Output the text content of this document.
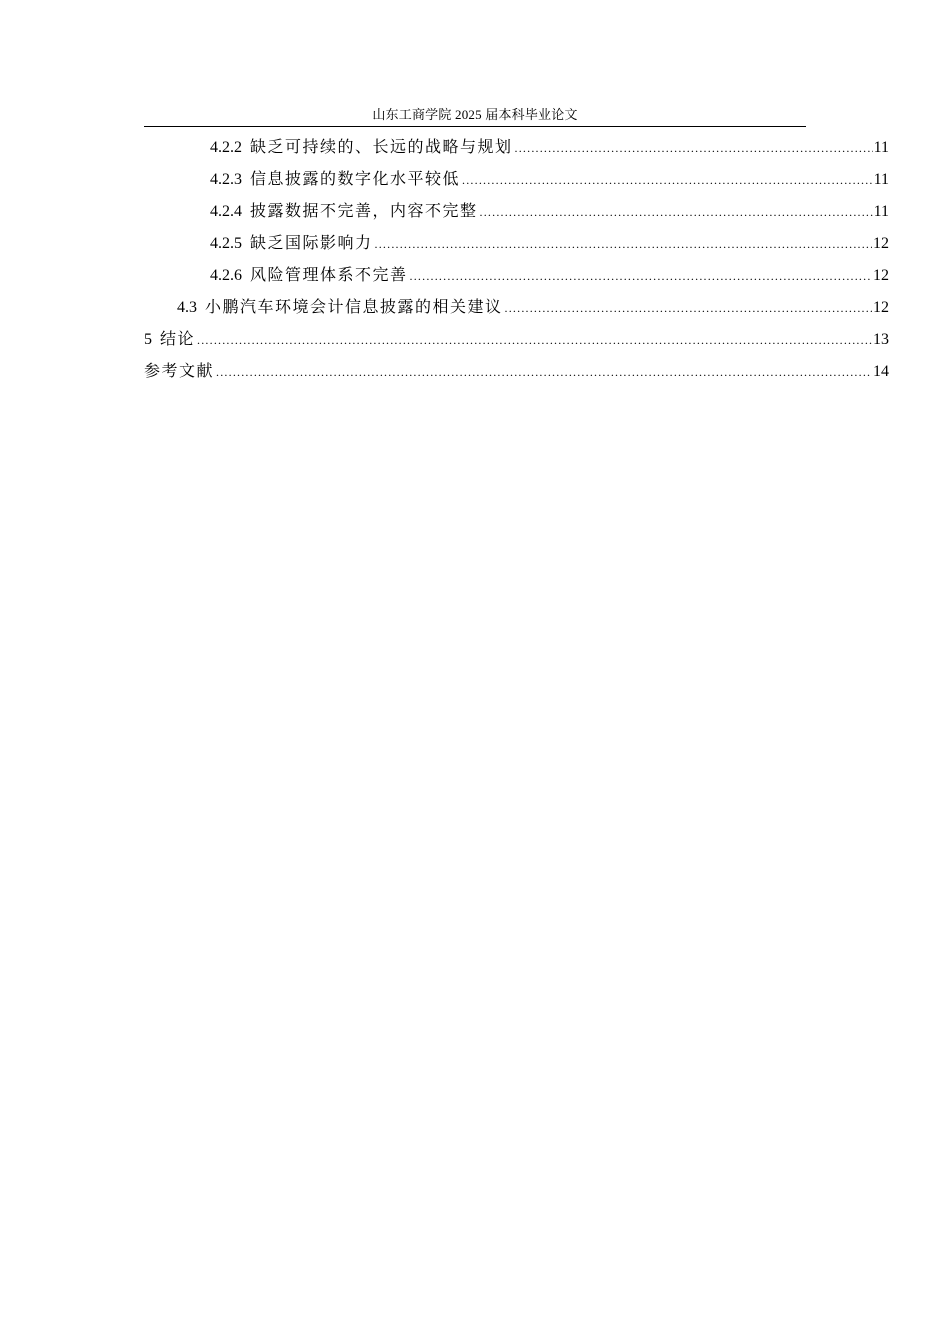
山东工商学院 2025 届本科毕业论文
4.2.2 缺乏可持续的、长远的战略与规划 .....	11
4.2.3 信息披露的数字化水平较低 .....	11
4.2.4 披露数据不完善，内容不完整 .....	11
4.2.5 缺乏国际影响力 .....	12
4.2.6 风险管理体系不完善 .....	12
4.3 小鹏汽车环境会计信息披露的相关建议 .....	12
5 结论 .....	13
参考文献 .....	14
